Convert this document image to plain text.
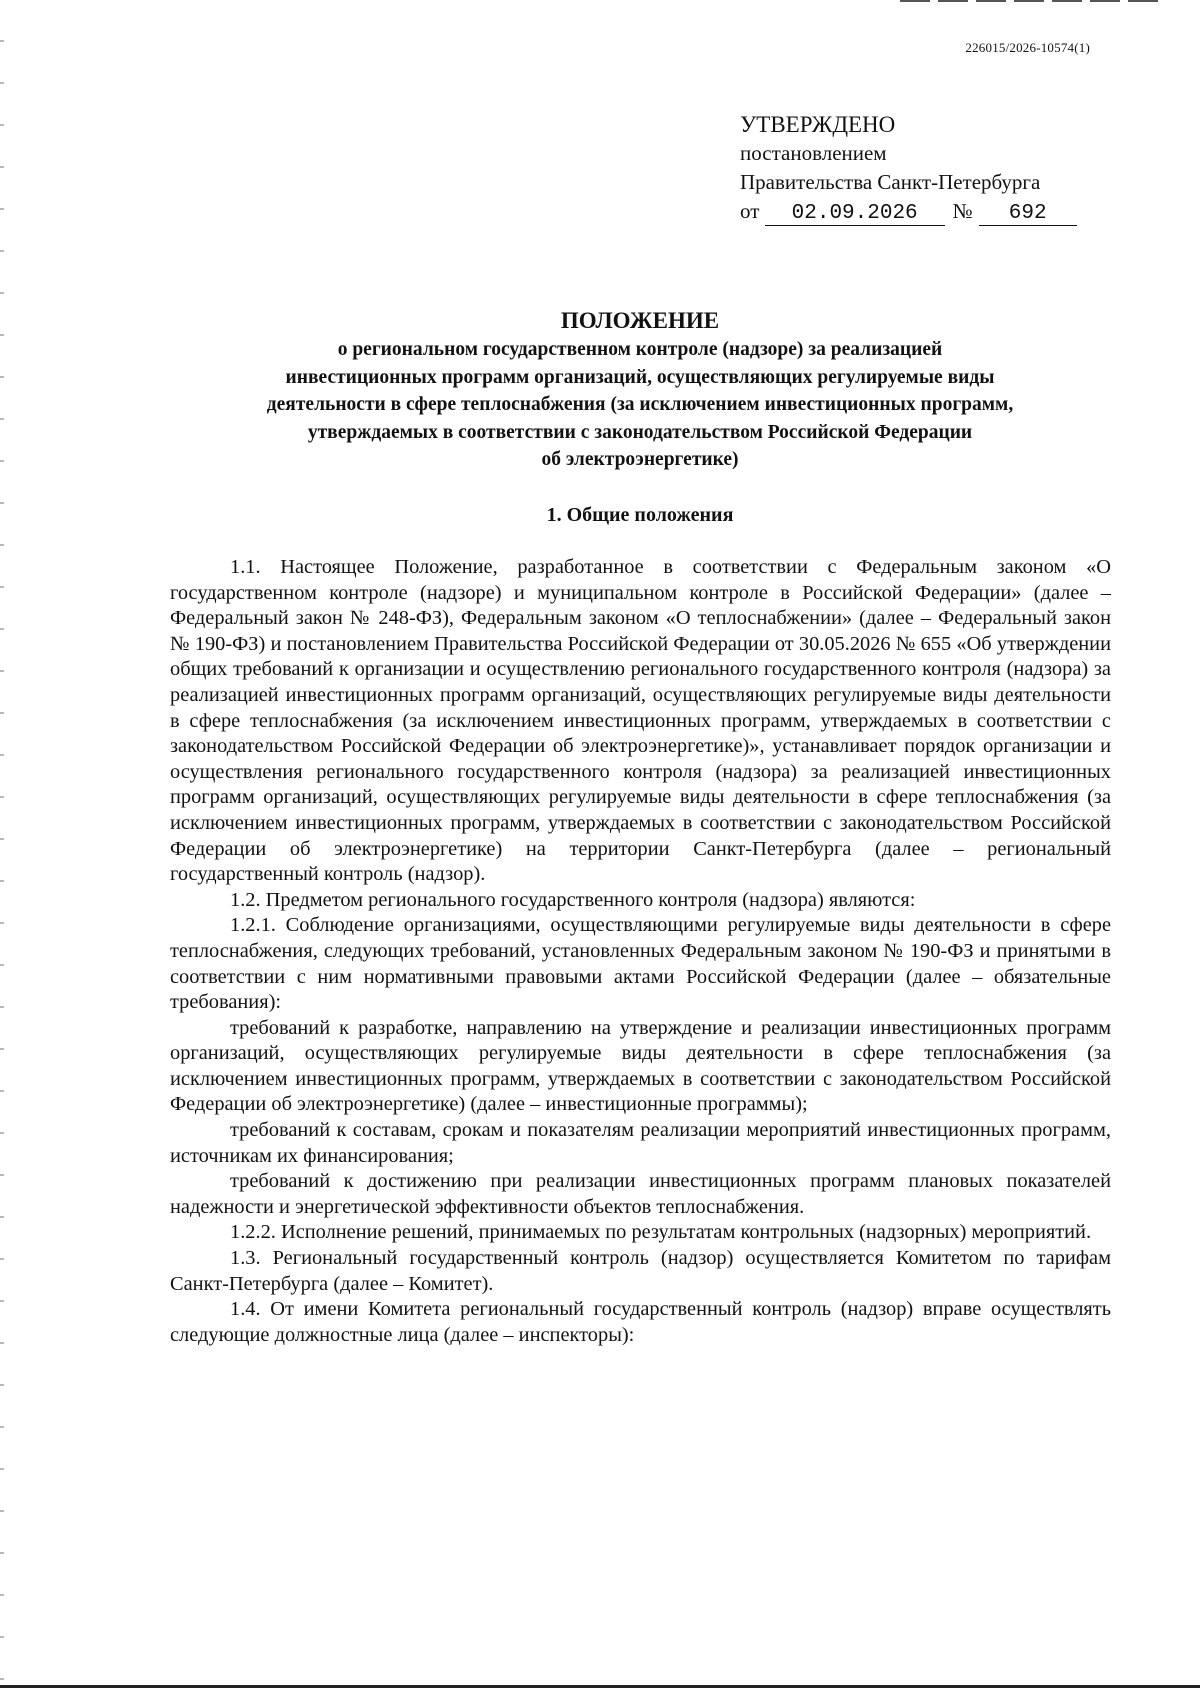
226015/2026-10574(1)
УТВЕРЖДЕНО
постановлением
Правительства Санкт-Петербурга
от 02.09.2026 № 692
ПОЛОЖЕНИЕ
о региональном государственном контроле (надзоре) за реализацией
инвестиционных программ организаций, осуществляющих регулируемые виды
деятельности в сфере теплоснабжения (за исключением инвестиционных программ,
утверждаемых в соответствии с законодательством Российской Федерации
об электроэнергетике)
1. Общие положения

1.1. Настоящее Положение, разработанное в соответствии с Федеральным законом «О государственном контроле (надзоре) и муниципальном контроле в Российской Федерации» (далее – Федеральный закон № 248-ФЗ), Федеральным законом «О теплоснабжении» (далее – Федеральный закон № 190-ФЗ) и постановлением Правительства Российской Федерации от 30.05.2026 № 655 «Об утверждении общих требований к организации и осуществлению регионального государственного контроля (надзора) за реализацией инвестиционных программ организаций, осуществляющих регулируемые виды деятельности в сфере теплоснабжения (за исключением инвестиционных программ, утверждаемых в соответствии с законодательством Российской Федерации об электроэнергетике)», устанавливает порядок организации и осуществления регионального государственного контроля (надзора) за реализацией инвестиционных программ организаций, осуществляющих регулируемые виды деятельности в сфере теплоснабжения (за исключением инвестиционных программ, утверждаемых в соответствии с законодательством Российской Федерации об электроэнергетике) на территории Санкт-Петербурга (далее – региональный государственный контроль (надзор).

1.2. Предметом регионального государственного контроля (надзора) являются:

1.2.1. Соблюдение организациями, осуществляющими регулируемые виды деятельности в сфере теплоснабжения, следующих требований, установленных Федеральным законом № 190-ФЗ и принятыми в соответствии с ним нормативными правовыми актами Российской Федерации (далее – обязательные требования):

требований к разработке, направлению на утверждение и реализации инвестиционных программ организаций, осуществляющих регулируемые виды деятельности в сфере теплоснабжения (за исключением инвестиционных программ, утверждаемых в соответствии с законодательством Российской Федерации об электроэнергетике) (далее – инвестиционные программы);

требований к составам, срокам и показателям реализации мероприятий инвестиционных программ, источникам их финансирования;

требований к достижению при реализации инвестиционных программ плановых показателей надежности и энергетической эффективности объектов теплоснабжения.

1.2.2. Исполнение решений, принимаемых по результатам контрольных (надзорных) мероприятий.

1.3. Региональный государственный контроль (надзор) осуществляется Комитетом по тарифам Санкт-Петербурга (далее – Комитет).

1.4. От имени Комитета региональный государственный контроль (надзор) вправе осуществлять следующие должностные лица (далее – инспекторы):
